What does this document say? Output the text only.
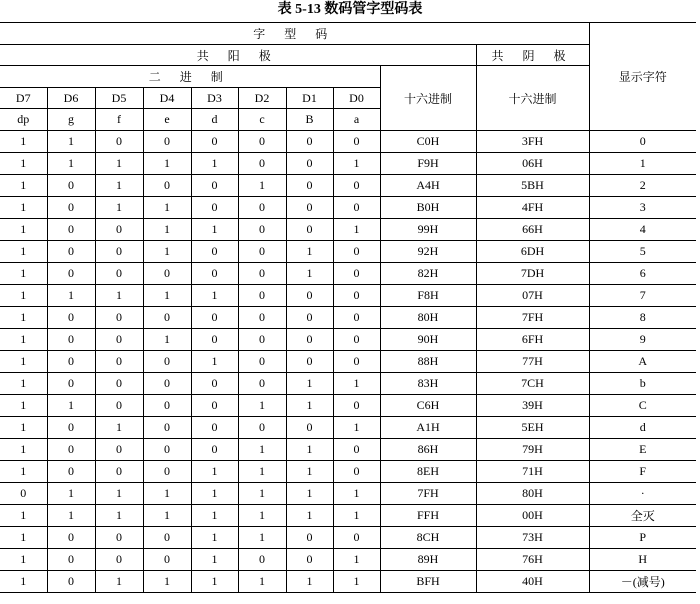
表 5-13 数码管字型码表
字 型 码										显示字符
共 阳 极									共 阴 极	
二 进 制								十六进制	十六进制	
D7	D6	D5	D4	D3	D2	D1	D0			
dp	g	f	e	d	c	B	a			
1	1	0	0	0	0	0	0	C0H	3FH	0
1	1	1	1	1	0	0	1	F9H	06H	1
1	0	1	0	0	1	0	0	A4H	5BH	2
1	0	1	1	0	0	0	0	B0H	4FH	3
1	0	0	1	1	0	0	1	99H	66H	4
1	0	0	1	0	0	1	0	92H	6DH	5
1	0	0	0	0	0	1	0	82H	7DH	6
1	1	1	1	1	0	0	0	F8H	07H	7
1	0	0	0	0	0	0	0	80H	7FH	8
1	0	0	1	0	0	0	0	90H	6FH	9
1	0	0	0	1	0	0	0	88H	77H	A
1	0	0	0	0	0	1	1	83H	7CH	b
1	1	0	0	0	1	1	0	C6H	39H	C
1	0	1	0	0	0	0	1	A1H	5EH	d
1	0	0	0	0	1	1	0	86H	79H	E
1	0	0	0	1	1	1	0	8EH	71H	F
0	1	1	1	1	1	1	1	7FH	80H	·
1	1	1	1	1	1	1	1	FFH	00H	全灭
1	0	0	0	1	1	0	0	8CH	73H	P
1	0	0	0	1	0	0	1	89H	76H	H
1	0	1	1	1	1	1	1	BFH	40H	－(减号)
